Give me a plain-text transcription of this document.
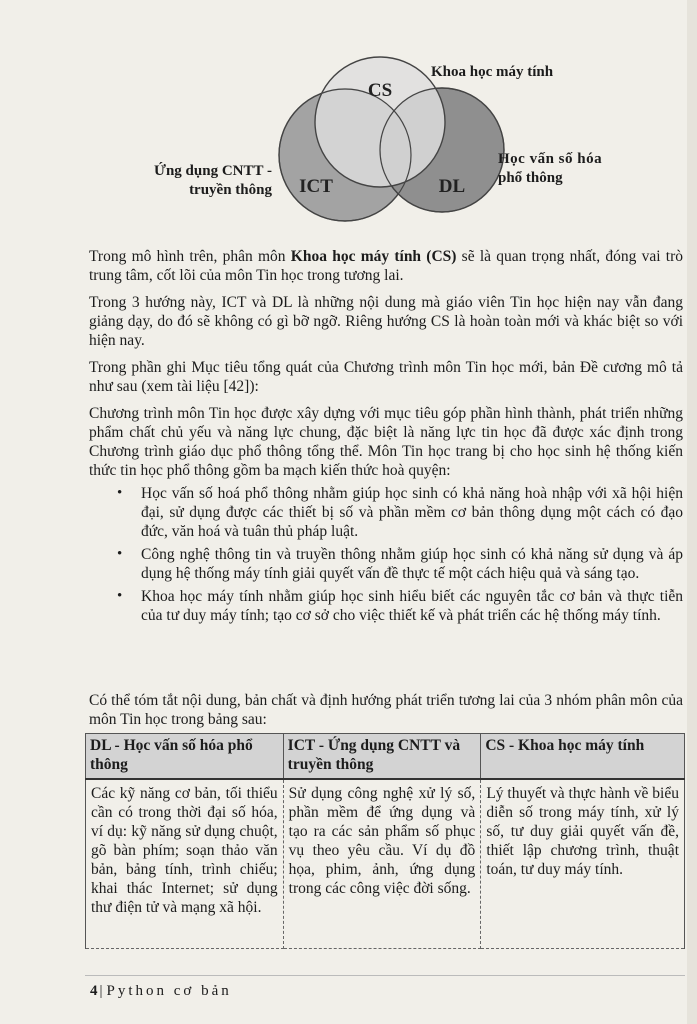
CS
ICT	DL
Khoa học máy tính
Ứng dụng CNTT -
truyền thông
Học vấn số hóa
phổ thông

Trong mô hình trên, phân môn Khoa học máy tính (CS) sẽ là quan trọng nhất, đóng vai trò trung tâm, cốt lõi của môn Tin học trong tương lai.

Trong 3 hướng này, ICT và DL là những nội dung mà giáo viên Tin học hiện nay vẫn đang giảng dạy, do đó sẽ không có gì bỡ ngỡ. Riêng hướng CS là hoàn toàn mới và khác biệt so với hiện nay.

Trong phần ghi Mục tiêu tổng quát của Chương trình môn Tin học mới, bản Đề cương mô tả như sau (xem tài liệu [42]):

Chương trình môn Tin học được xây dựng với mục tiêu góp phần hình thành, phát triển những phẩm chất chủ yếu và năng lực chung, đặc biệt là năng lực tin học đã được xác định trong Chương trình giáo dục phổ thông tổng thể. Môn Tin học trang bị cho học sinh hệ thống kiến thức tin học phổ thông gồm ba mạch kiến thức hoà quyện:

• Học vấn số hoá phổ thông nhằm giúp học sinh có khả năng hoà nhập với xã hội hiện đại, sử dụng được các thiết bị số và phần mềm cơ bản thông dụng một cách có đạo đức, văn hoá và tuân thủ pháp luật.
• Công nghệ thông tin và truyền thông nhằm giúp học sinh có khả năng sử dụng và áp dụng hệ thống máy tính giải quyết vấn đề thực tế một cách hiệu quả và sáng tạo.
• Khoa học máy tính nhằm giúp học sinh hiểu biết các nguyên tắc cơ bản và thực tiễn của tư duy máy tính; tạo cơ sở cho việc thiết kế và phát triển các hệ thống máy tính.
Có thể tóm tắt nội dung, bản chất và định hướng phát triển tương lai của 3 nhóm phân môn của môn Tin học trong bảng sau:
DL - Học vấn số hóa phổ thông	ICT - Ứng dụng CNTT và truyền thông	CS - Khoa học máy tính
Các kỹ năng cơ bản, tối thiểu cần có trong thời đại số hóa, ví dụ: kỹ năng sử dụng chuột, gõ bàn phím; soạn thảo văn bản, bảng tính, trình chiếu; khai thác Internet; sử dụng thư điện tử và mạng xã hội.	Sử dụng công nghệ xử lý số, phần mềm để ứng dụng và tạo ra các sản phẩm số phục vụ theo yêu cầu. Ví dụ đồ họa, phim, ảnh, ứng dụng trong các công việc đời sống.	Lý thuyết và thực hành về biểu diễn số trong máy tính, xử lý số, tư duy giải quyết vấn đề, thiết lập chương trình, thuật toán, tư duy máy tính.
4 | Python cơ bản
